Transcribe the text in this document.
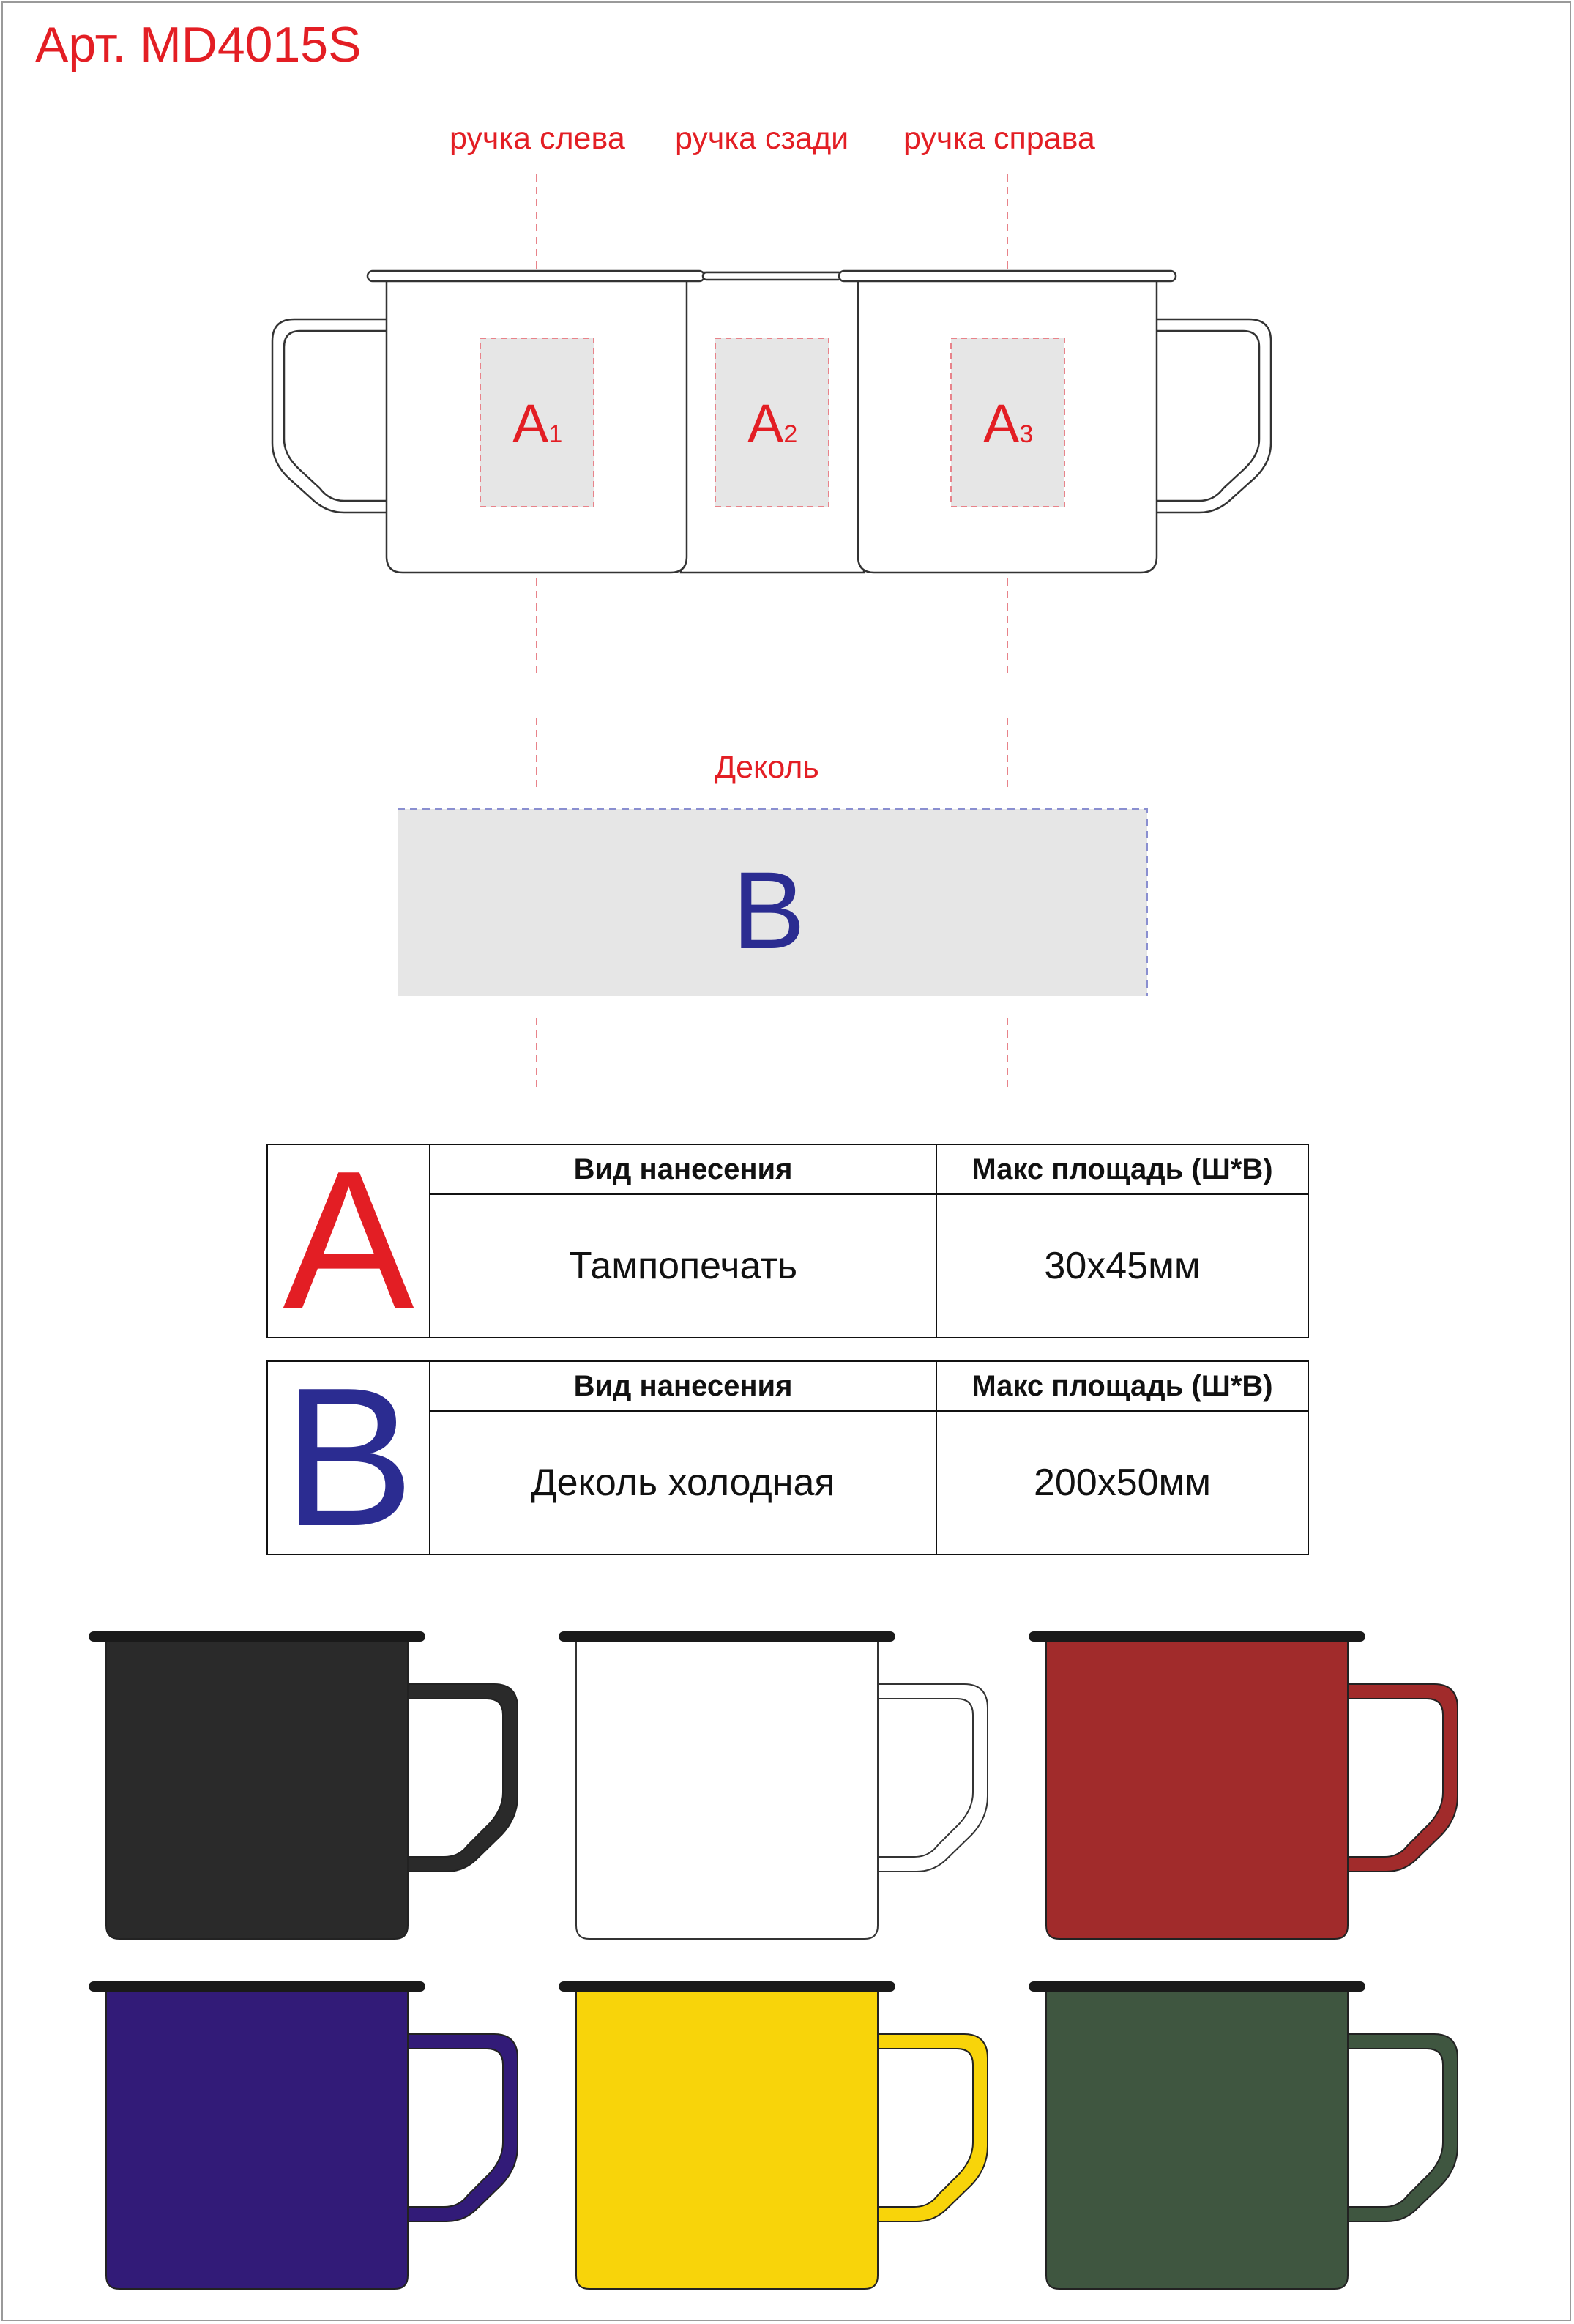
Арт. MD4015S
ручка слева ручка сзади ручка справа
A1	A2	A3
Деколь
B
A	Вид нанесения	Макс площадь (Ш*В)
Тампопечать	30х45мм
B	Вид нанесения	Макс площадь (Ш*В)
Деколь холодная	200х50мм
